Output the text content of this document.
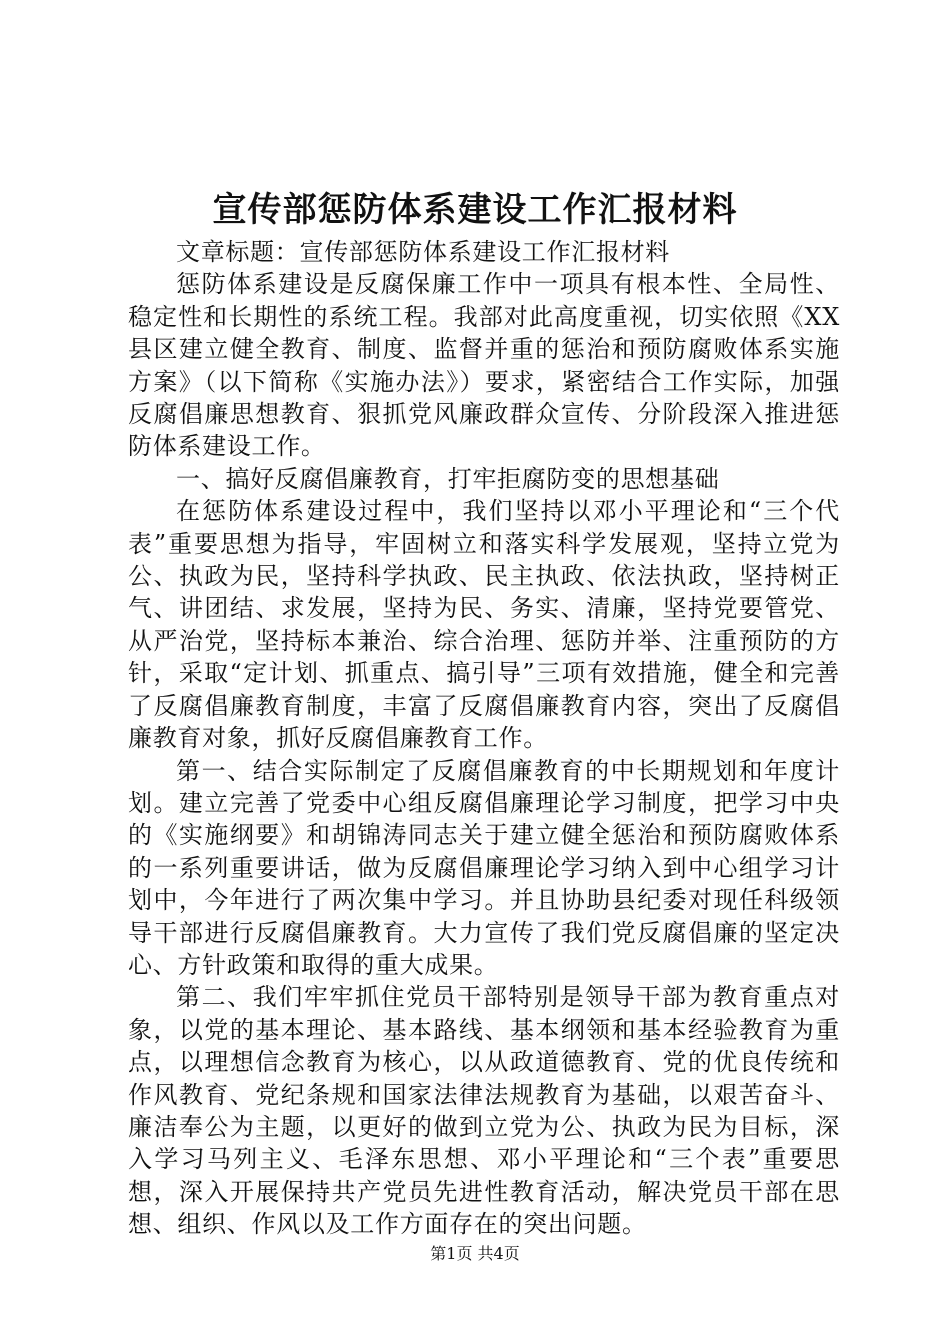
宣传部惩防体系建设工作汇报材料

文章标题：宣传部惩防体系建设工作汇报材料

惩防体系建设是反腐保廉工作中一项具有根本性、全局性、稳定性和长期性的系统工程。我部对此高度重视，切实依照《XX县区建立健全教育、制度、监督并重的惩治和预防腐败体系实施方案》（以下简称《实施办法》）要求，紧密结合工作实际，加强反腐倡廉思想教育、狠抓党风廉政群众宣传、分阶段深入推进惩防体系建设工作。

一、搞好反腐倡廉教育，打牢拒腐防变的思想基础

在惩防体系建设过程中，我们坚持以邓小平理论和“三个代表”重要思想为指导，牢固树立和落实科学发展观，坚持立党为公、执政为民，坚持科学执政、民主执政、依法执政，坚持树正气、讲团结、求发展，坚持为民、务实、清廉，坚持党要管党、从严治党，坚持标本兼治、综合治理、惩防并举、注重预防的方针，采取“定计划、抓重点、搞引导”三项有效措施，健全和完善了反腐倡廉教育制度，丰富了反腐倡廉教育内容，突出了反腐倡廉教育对象，抓好反腐倡廉教育工作。

第一、结合实际制定了反腐倡廉教育的中长期规划和年度计划。建立完善了党委中心组反腐倡廉理论学习制度，把学习中央的《实施纲要》和胡锦涛同志关于建立健全惩治和预防腐败体系的一系列重要讲话，做为反腐倡廉理论学习纳入到中心组学习计划中，今年进行了两次集中学习。并且协助县纪委对现任科级领导干部进行反腐倡廉教育。大力宣传了我们党反腐倡廉的坚定决心、方针政策和取得的重大成果。

第二、我们牢牢抓住党员干部特别是领导干部为教育重点对象，以党的基本理论、基本路线、基本纲领和基本经验教育为重点，以理想信念教育为核心，以从政道德教育、党的优良传统和作风教育、党纪条规和国家法律法规教育为基础，以艰苦奋斗、廉洁奉公为主题，以更好的做到立党为公、执政为民为目标，深入学习马列主义、毛泽东思想、邓小平理论和“三个表”重要思想，深入开展保持共产党员先进性教育活动，解决党员干部在思想、组织、作风以及工作方面存在的突出问题。

第1页 共4页
